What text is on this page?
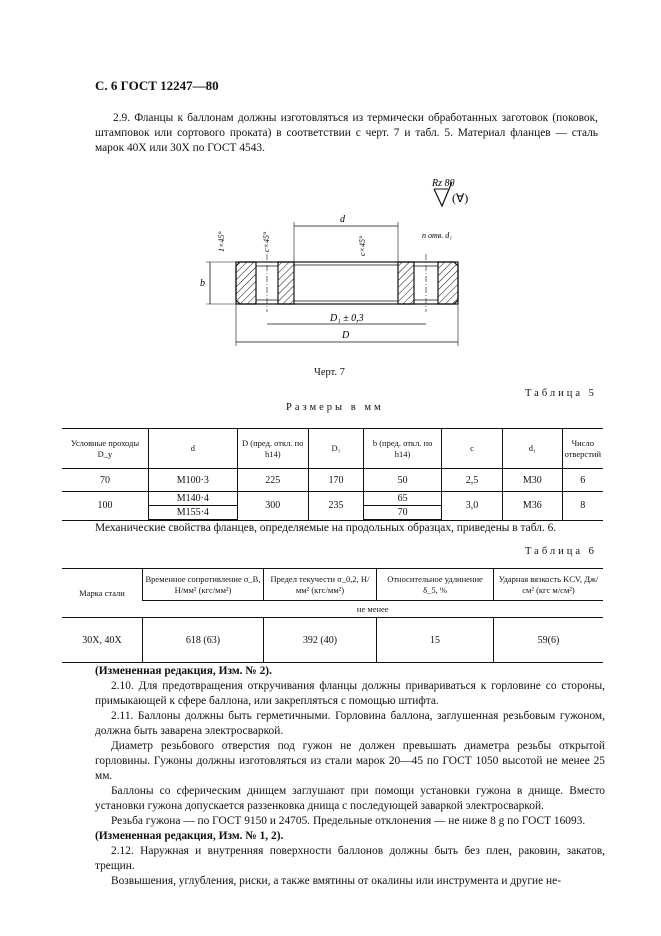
С. 6 ГОСТ 12247—80
2.9. Фланцы к баллонам должны изготовляться из термически обработанных заготовок (поковок, штамповок или сортового проката) в соответствии с черт. 7 и табл. 5. Материал фланцев — сталь марок 40Х или 30Х по ГОСТ 4543.
Rz 80
(∀)
d
1×45°	c×45°	c×45°
n отв. d₁
b
D₁ ± 0,3
D
Черт. 7
Таблица 5
Размеры в мм
Условные проходы D_y	d	D (пред. откл. по h14)	D₁	b (пред. откл. по h14)	c	d₁	Число отверстий
70	М100·3	225	170	50	2,5	М30	6
100	М140·4	300	235	65	3,0	М36	8
	М155·4			70			

Механические свойства фланцев, определяемые на продольных образцах, приведены в табл. 6.
Таблица 6
Марка стали	Временное сопротивление σ_В, Н/мм² (кгс/мм²)	Предел текучести σ_0,2, Н/мм² (кгс/мм²)	Относительное удлинение δ_5, %	Ударная вязкость KCV, Дж/см² (кгс м/см²)
	не менее			
30Х, 40Х	618 (63)	392 (40)	15	59(6)
(Измененная редакция, Изм. № 2).
2.10. Для предотвращения откручивания фланцы должны привариваться к горловине со стороны, примыкающей к сфере баллона, или закрепляться с помощью штифта.
2.11. Баллоны должны быть герметичными. Горловина баллона, заглушенная резьбовым гужоном, должна быть заварена электросваркой.
Диаметр резьбового отверстия под гужон не должен превышать диаметра резьбы открытой горловины. Гужоны должны изготовляться из стали марок 20—45 по ГОСТ 1050 высотой не менее 25 мм.
Баллоны со сферическим днищем заглушают при помощи установки гужона в днище. Вместо установки гужона допускается раззенковка днища с последующей заваркой электросваркой.
Резьба гужона — по ГОСТ 9150 и 24705. Предельные отклонения — не ниже 8 g по ГОСТ 16093.
(Измененная редакция, Изм. № 1, 2).
2.12. Наружная и внутренняя поверхности баллонов должны быть без плен, раковин, закатов, трещин.
Возвышения, углубления, риски, а также вмятины от окалины или инструмента и другие не-
